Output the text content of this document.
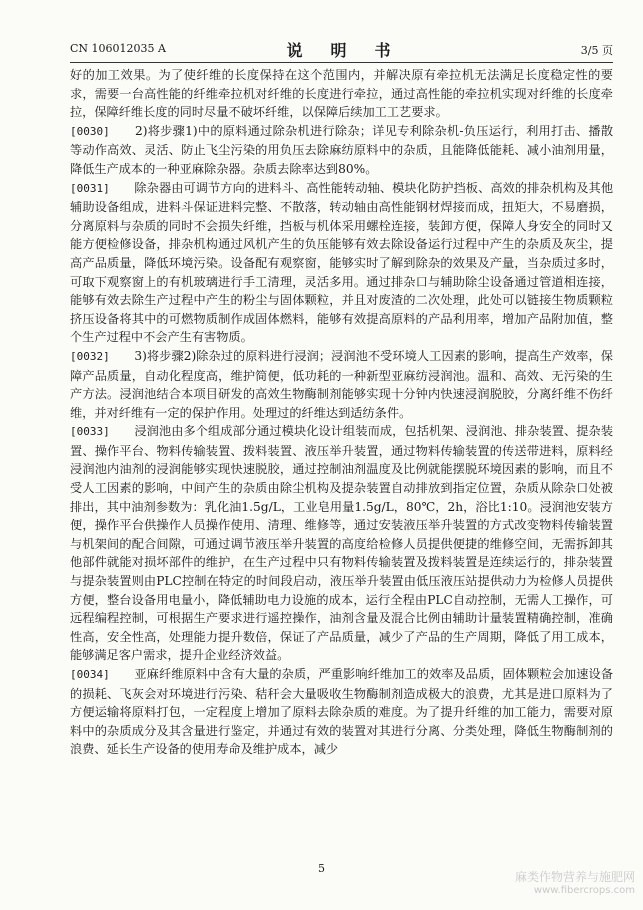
CN 106012035 A	说　明　书	3/5 页

好的加工效果。为了使纤维的长度保持在这个范围内，并解决原有牵拉机无法满足长度稳定性的要求，需要一台高性能的纤维牵拉机对纤维的长度进行牵拉，通过高性能的牵拉机实现对纤维的长度牵拉，保障纤维长度的同时尽量不破坏纤维，以保障后续加工工艺要求。

[0030]　　 2)将步骤1)中的原料通过除杂机进行除杂；详见专利除杂机-负压运行，利用打击、播散等动作高效、灵活、防止飞尘污染的用负压去除麻纺原料中的杂质，且能降低能耗、减小油剂用量，降低生产成本的一种亚麻除杂器。杂质去除率达到80%。

[0031]　　 除杂器由可调节方向的进料斗、高性能转动轴、模块化防护挡板、高效的排杂机构及其他辅助设备组成，进料斗保证进料完整、不散落，转动轴由高性能钢材焊接而成，扭矩大，不易磨损，分离原料与杂质的同时不会损失纤维，挡板与机体采用螺栓连接，装卸方便，保障人身安全的同时又能方便检修设备，排杂机构通过风机产生的负压能够有效去除设备运行过程中产生的杂质及灰尘，提高产品质量，降低环境污染。设备配有观察窗，能够实时了解到除杂的效果及产量，当杂质过多时，可取下观察窗上的有机玻璃进行手工清理，灵活多用。通过排杂口与辅助除尘设备通过管道相连接，能够有效去除生产过程中产生的粉尘与固体颗粒，并且对废渣的二次处理，此处可以链接生物质颗粒挤压设备将其中的可燃物质制作成固体燃料，能够有效提高原料的产品利用率，增加产品附加值，整个生产过程中不会产生有害物质。

[0032]　　 3)将步骤2)除杂过的原料进行浸润；浸润池不受环境人工因素的影响，提高生产效率，保障产品质量，自动化程度高，维护简便，低功耗的一种新型亚麻纺浸润池。温和、高效、无污染的生产方法。浸润池结合本项目研发的高效生物酶制剂能够实现十分钟内快速浸润脱胶，分离纤维不伤纤维，并对纤维有一定的保护作用。处理过的纤维达到适纺条件。

[0033]　　 浸润池由多个组成部分通过模块化设计组装而成，包括机架、浸润池、排杂装置、提杂装置、操作平台、物料传输装置、拨料装置、液压举升装置，通过物料传输装置的传送带进料，原料经浸润池内油剂的浸润能够实现快速脱胶，通过控制油剂温度及比例就能摆脱环境因素的影响，而且不受人工因素的影响，中间产生的杂质由除尘机构及提杂装置自动排放到指定位置，杂质从除杂口处被排出，其中油剂参数为：乳化油1.5g/L，工业皂用量1.5g/L，80℃，2h，浴比1:10。浸润池安装方便，操作平台供操作人员操作使用、清理、维修等，通过安装液压举升装置的方式改变物料传输装置与机架间的配合间隙，可通过调节液压举升装置的高度给检修人员提供便捷的维修空间，无需拆卸其他部件就能对损坏部件的维护，在生产过程中只有物料传输装置及拨料装置是连续运行的，排杂装置与提杂装置则由PLC控制在特定的时间段启动，液压举升装置由低压液压站提供动力为检修人员提供方便，整台设备用电量小，降低辅助电力设施的成本，运行全程由PLC自动控制，无需人工操作，可远程编程控制，可根据生产要求进行遥控操作，油剂含量及混合比例由辅助计量装置精确控制，准确性高，安全性高，处理能力提升数倍，保证了产品质量，减少了产品的生产周期，降低了用工成本，能够满足客户需求，提升企业经济效益。

[0034]　　 亚麻纤维原料中含有大量的杂质，严重影响纤维加工的效率及品质，固体颗粒会加速设备的损耗、飞灰会对环境进行污染、秸秆会大量吸收生物酶制剂造成极大的浪费，尤其是进口原料为了方便运输将原料打包，一定程度上增加了原料去除杂质的难度。为了提升纤维的加工能力，需要对原料中的杂质成分及其含量进行鉴定，并通过有效的装置对其进行分离、分类处理，降低生物酶制剂的浪费、延长生产设备的使用寿命及维护成本，减少

5
麻类作物营养与施肥网
www.fibercrops.com
